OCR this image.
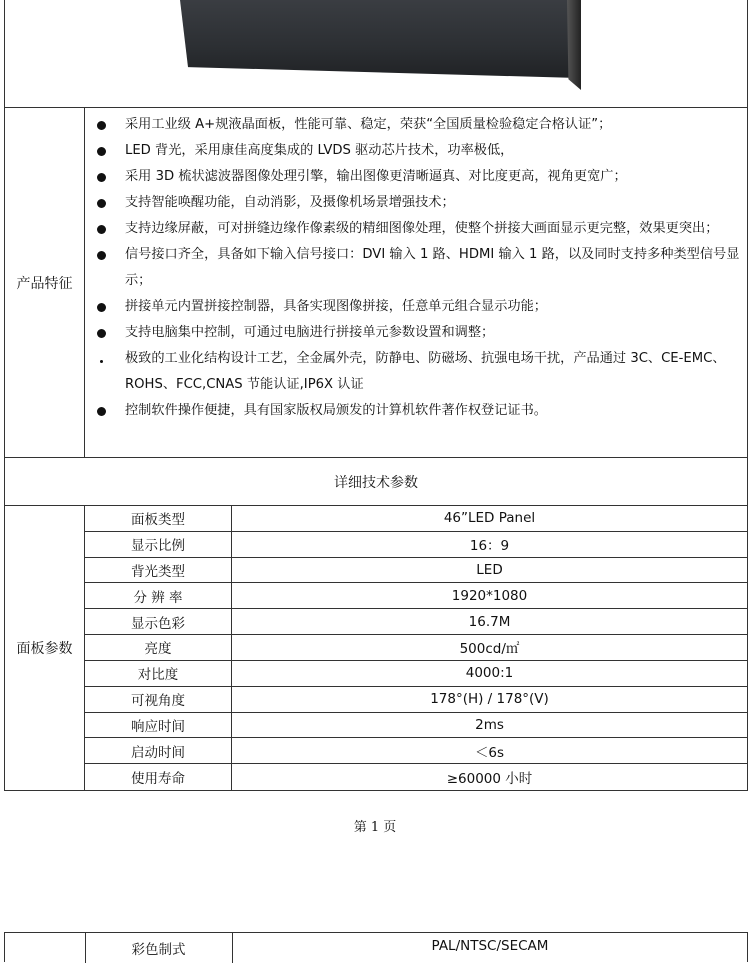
产品特征
采用工业级 A+规液晶面板，性能可靠、稳定，荣获“全国质量检验稳定合格认证”；
LED 背光，采用康佳高度集成的 LVDS 驱动芯片技术，功率极低，
采用 3D 梳状滤波器图像处理引擎，输出图像更清晰逼真、对比度更高，视角更宽广；
支持智能唤醒功能，自动消影，及摄像机场景增强技术；
支持边缘屏蔽，可对拼缝边缘作像素级的精细图像处理，使整个拼接大画面显示更完整，效果更突出；
信号接口齐全，具备如下输入信号接口：DVI 输入 1 路、HDMI 输入 1 路，以及同时支持多种类型信号显示；
拼接单元内置拼接控制器，具备实现图像拼接，任意单元组合显示功能；
支持电脑集中控制，可通过电脑进行拼接单元参数设置和调整；
极致的工业化结构设计工艺，全金属外壳，防静电、防磁场、抗强电场干扰，产品通过 3C、CE-EMC、ROHS、FCC,CNAS 节能认证,IP6X 认证
控制软件操作便捷，具有国家版权局颁发的计算机软件著作权登记证书。
详细技术参数
面板参数
面板类型	46”LED Panel
显示比例	16：9
背光类型	LED
分 辨 率	1920*1080
显示色彩	16.7M
亮度	500cd/㎡
对比度	4000:1
可视角度	178°(H) / 178°(V)
响应时间	2ms
启动时间	＜6s
使用寿命	≥60000 小时
第 1 页
彩色制式	PAL/NTSC/SECAM
